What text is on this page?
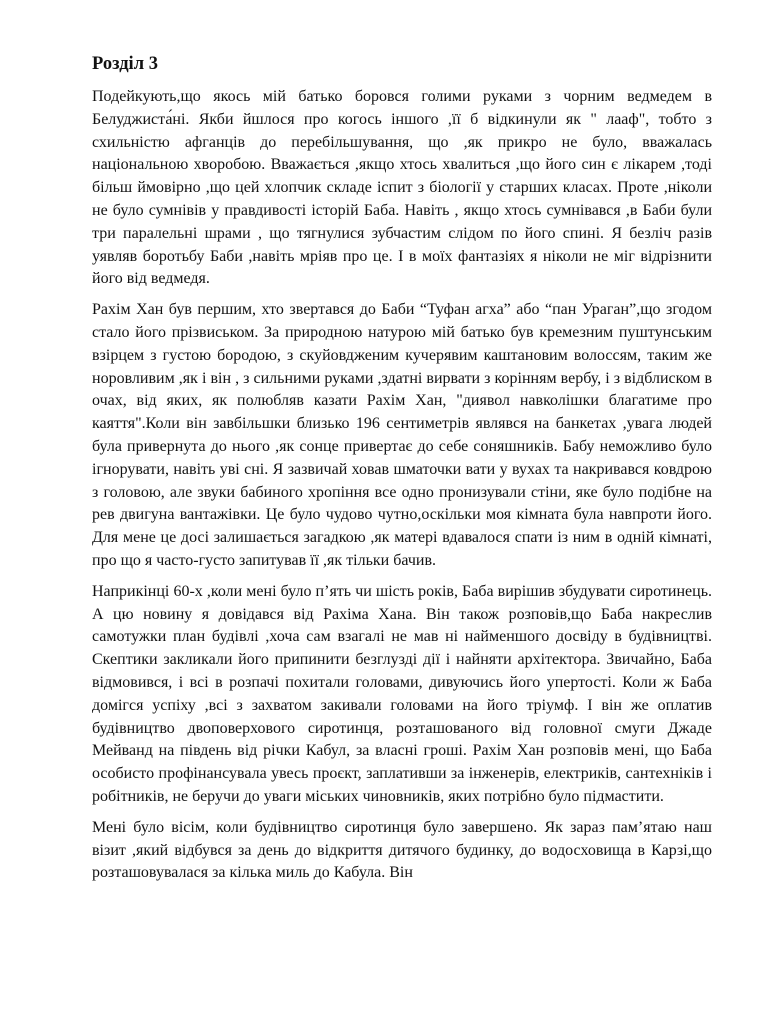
Розділ 3

Подейкують,що якось мій батько боровся голими руками з чорним ведмедем в Белуджиста́ні. Якби йшлося про когось іншого ,її б відкинули як " лааф", тобто з схильністю афганців до перебільшування, що ,як прикро не було, вважалась національною хворобою. Вважається ,якщо хтось хвалиться ,що його син є лікарем ,тоді більш ймовірно ,що цей хлопчик складе іспит з біології у старших класах. Проте ,ніколи не було сумнівів у правдивості історій Баба. Навіть , якщо хтось сумнівався ,в Баби були три паралельні шрами , що тягнулися зубчастим слідом по його спині. Я безліч разів уявляв боротьбу Баби ,навіть мріяв про це. І в моїх фантазіях я ніколи не міг відрізнити його від ведмедя.

Рахім Хан був першим, хто звертався до Баби “Туфан агха” або “пан Ураган”,що згодом стало його прізвиськом. За природною натурою мій батько був кремезним пуштунським взірцем з густою бородою, з скуйовдженим кучерявим каштановим волоссям, таким же норовливим ,як і він , з сильними руками ,здатні вирвати з корінням вербу, і з відблиском в очах, від яких, як полюбляв казати Рахім Хан, "диявол навколішки благатиме про каяття".Коли він завбільшки близько 196 сентиметрів являвся на банкетах ,увага людей була привернута до нього ,як сонце привертає до себе соняшників. Бабу неможливо було ігнорувати, навіть уві сні. Я зазвичай ховав шматочки вати у вухах та накривався ковдрою з головою, але звуки бабиного хропіння все одно пронизували стіни, яке було подібне на рев двигуна вантажівки. Це було чудово чутно,оскільки моя кімната була навпроти його. Для мене це досі залишається загадкою ,як матері вдавалося спати із ним в одній кімнаті, про що я часто-густо запитував її ,як тільки бачив.

Наприкінці 60-х ,коли мені було п’ять чи шість років, Баба вирішив збудувати сиротинець. А цю новину я довідався від Рахіма Хана. Він також розповів,що Баба накреслив самотужки план будівлі ,хоча сам взагалі не мав ні найменшого досвіду в будівництві. Скептики закликали його припинити безглузді дії і найняти архітектора. Звичайно, Баба відмовився, і всі в розпачі похитали головами, дивуючись його упертості. Коли ж Баба домігся успіху ,всі з захватом закивали головами на його тріумф. І він же оплатив будівництво двоповерхового сиротинця, розташованого від головної смуги Джаде Мейванд на південь від річки Кабул, за власні гроші. Рахім Хан розповів мені, що Баба особисто профінансувала увесь проєкт, заплативши за інженерів, електриків, сантехніків і робітників, не беручи до уваги міських чиновників, яких потрібно було підмастити.

Мені було вісім, коли будівництво сиротинця було завершено. Як зараз пам’ятаю наш візит ,який відбувся за день до відкриття дитячого будинку, до водосховища в Карзі,що розташовувалася за кілька миль до Кабула. Він
